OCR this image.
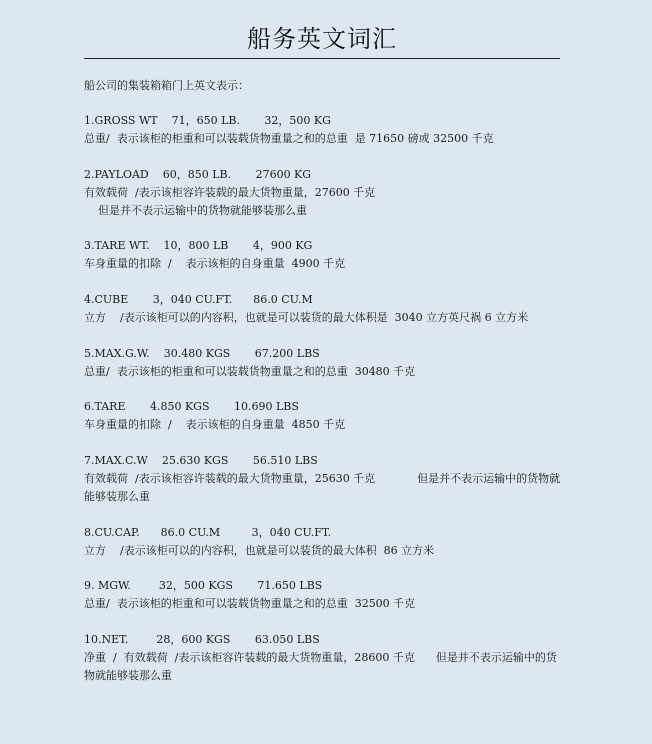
船务英文词汇
船公司的集装箱箱门上英文表示：
1.GROSS WT    71，650 LB.       32，500 KG
总重/  表示该柜的柜重和可以装载货物重量之和的总重  是 71650 磅或 32500 千克
2.PAYLOAD    60，850 LB.       27600 KG
有效载荷  /表示该柜容许装载的最大货物重量，27600 千克
但是并不表示运输中的货物就能够装那么重
3.TARE WT.    10，800 LB       4，900 KG
车身重量的扣除  /    表示该柜的自身重量  4900 千克
4.CUBE       3，040 CU.FT.      86.0 CU.M
立方    /表示该柜可以的内容积，也就是可以装货的最大体积是  3040 立方英尺祸 6 立方米
5.MAX.G.W.    30.480 KGS       67.200 LBS
总重/  表示该柜的柜重和可以装载货物重量之和的总重  30480 千克
6.TARE       4.850 KGS       10.690 LBS
车身重量的扣除  /    表示该柜的自身重量  4850 千克
7.MAX.C.W    25.630 KGS       56.510 LBS
有效载荷  /表示该柜容许装载的最大货物重量，25630 千克            但是并不表示运输中的货物就能够装那么重
8.CU.CAP.      86.0 CU.M         3，040 CU.FT.
立方    /表示该柜可以的内容积，也就是可以装货的最大体积  86 立方米
9. MGW.        32，500 KGS       71.650 LBS
总重/  表示该柜的柜重和可以装载货物重量之和的总重  32500 千克
10.NET.        28，600 KGS       63.050 LBS
净重  /  有效载荷  /表示该柜容许装载的最大货物重量，28600 千克      但是并不表示运输中的货物就能够装那么重
